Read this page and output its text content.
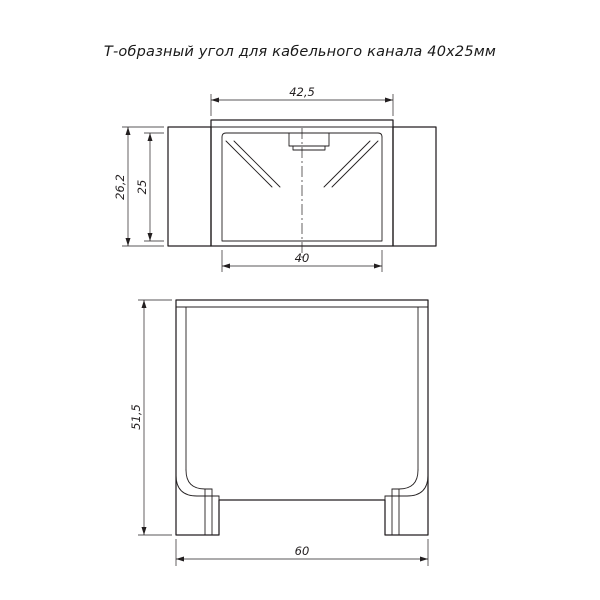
Т-образный угол для кабельного канала 40x25мм
42,5
40
25
26,2
51,5
60
